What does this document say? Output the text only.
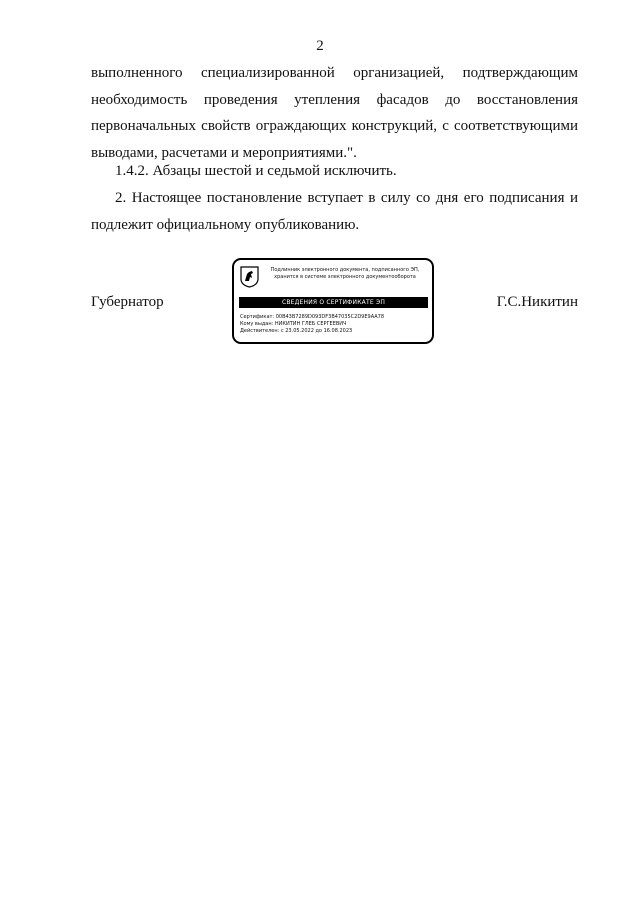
2

выполненного специализированной организацией, подтверждающим необходимость проведения утепления фасадов до восстановления первоначальных свойств ограждающих конструкций, с соответствующими выводами, расчетами и мероприятиями.".

1.4.2. Абзацы шестой и седьмой исключить.

2. Настоящее постановление вступает в силу со дня его подписания и подлежит официальному опубликованию.

Губернатор
Подлинник электронного документа, подписанного ЭП,
хранится в системе электронного документооборота
СВЕДЕНИЯ О СЕРТИФИКАТЕ ЭП
Сертификат: 00B43B7289D093DF3B47035C2D9E9AA78
Кому выдан: НИКИТИН ГЛЕБ СЕРГЕЕВИЧ
Действителен: с 23.05.2022 до 16.08.2023
Г.С.Никитин
